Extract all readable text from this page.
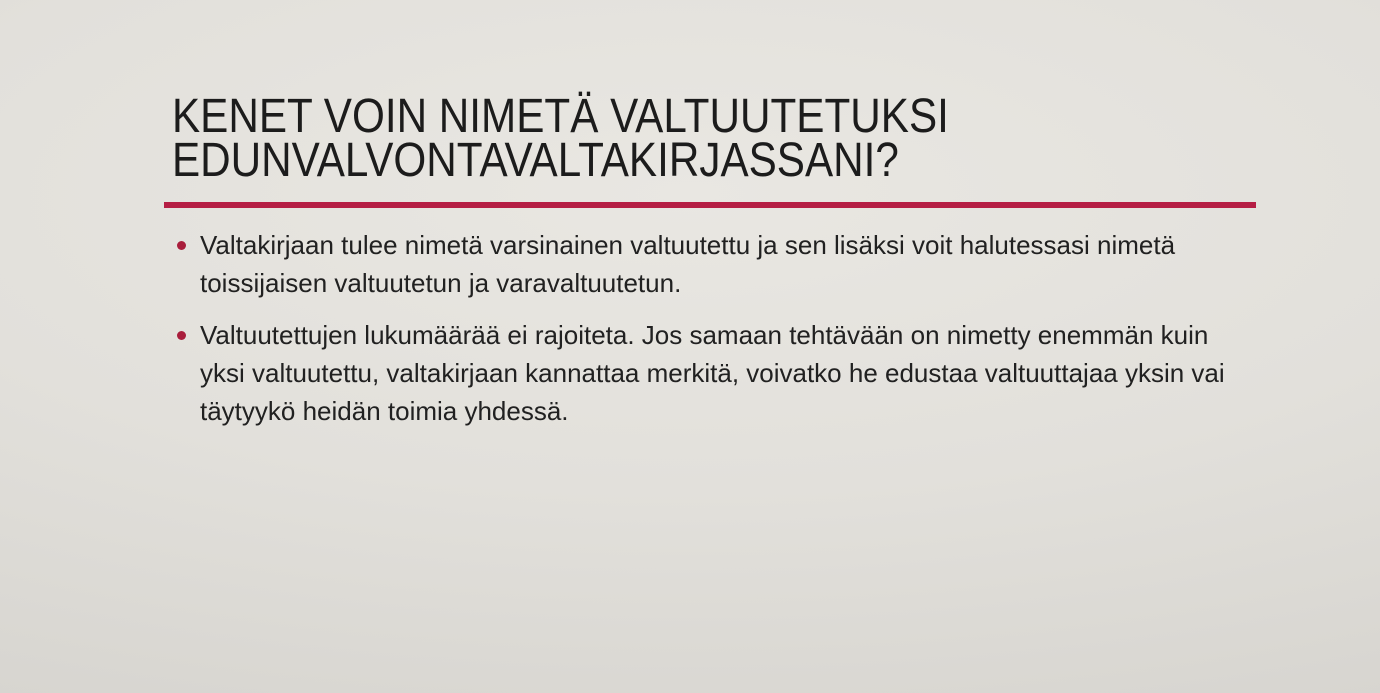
KENET VOIN NIMETÄ VALTUUTETUKSI EDUNVALVONTAVALTAKIRJASSANI?
Valtakirjaan tulee nimetä varsinainen valtuutettu ja sen lisäksi voit halutessasi nimetä toissijaisen valtuutetun ja varavaltuutetun.
Valtuutettujen lukumäärää ei rajoiteta. Jos samaan tehtävään on nimetty enemmän kuin yksi valtuutettu, valtakirjaan kannattaa merkitä, voivatko he edustaa valtuuttajaa yksin vai täytyykö heidän toimia yhdessä.
